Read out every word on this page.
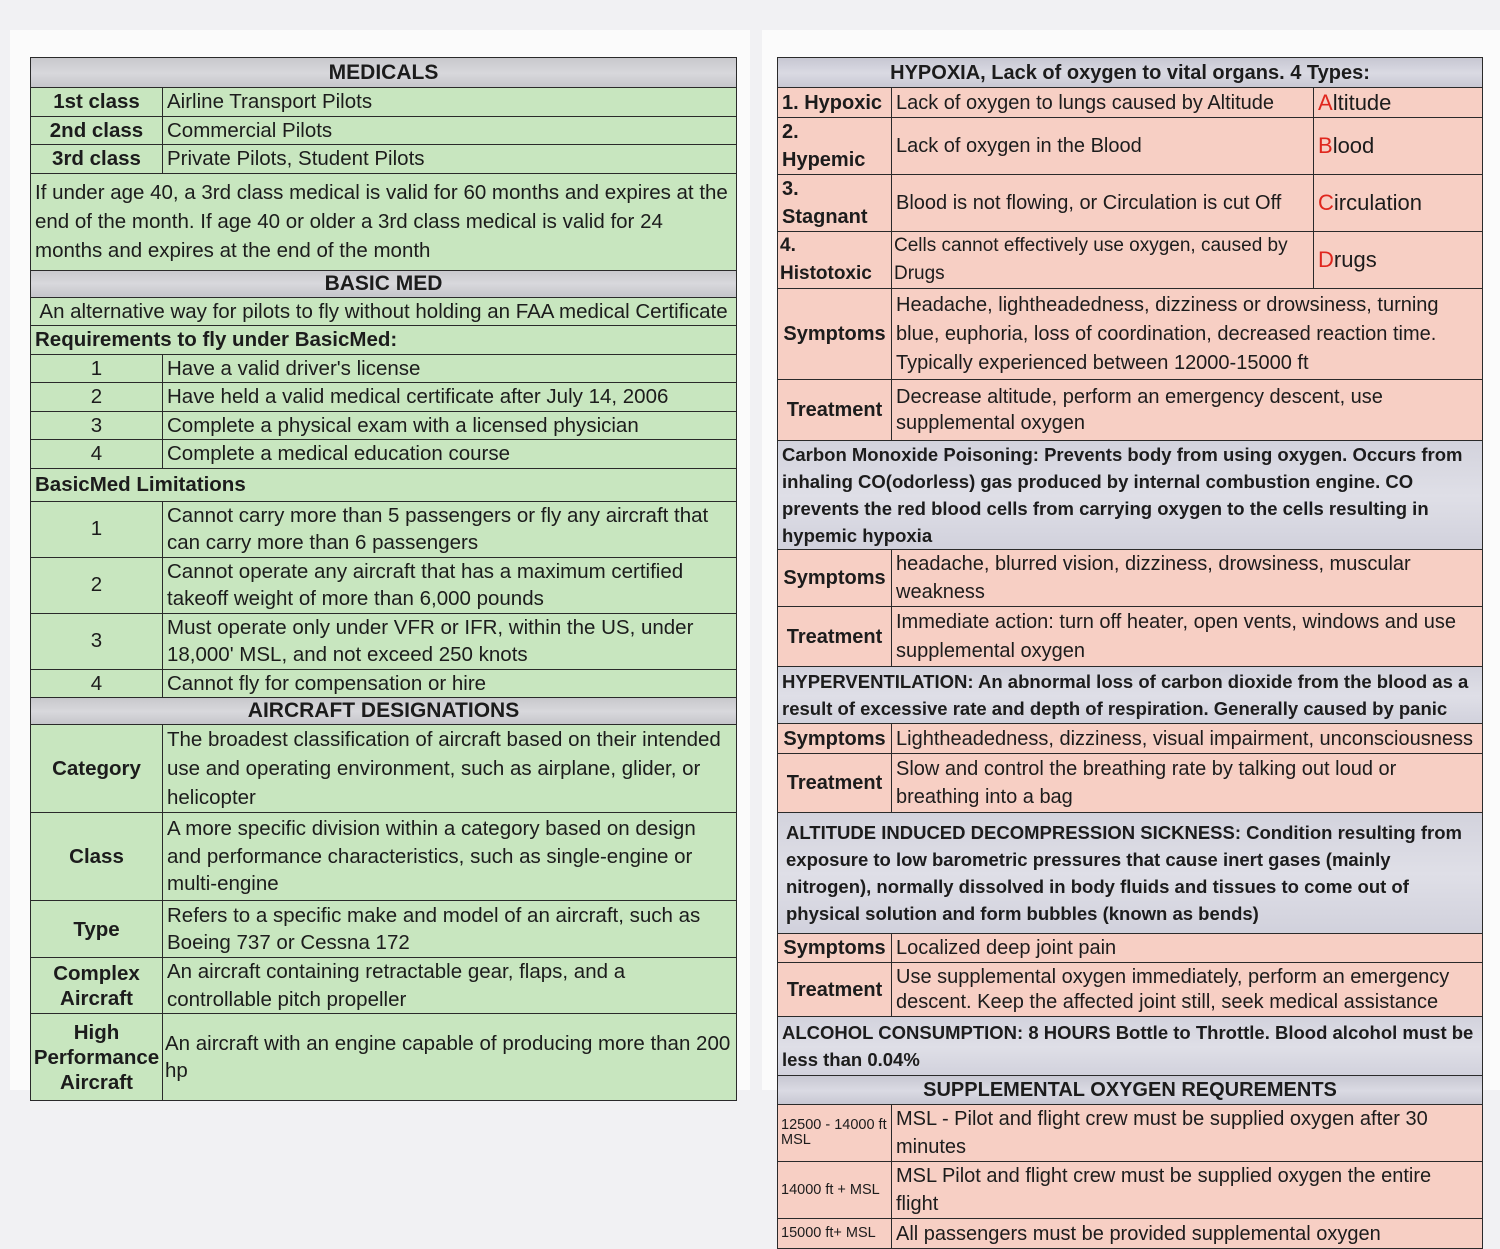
MEDICALS	
1st class	Airline Transport Pilots
2nd class	Commercial Pilots
3rd class	Private Pilots, Student Pilots
If under age 40, a 3rd class medical is valid for 60 months and expires at the end of the month. If age 40 or older a 3rd class medical is valid for 24 months and expires at the end of the month	
BASIC MED	
An alternative way for pilots to fly without holding an FAA medical Certificate	
Requirements to fly under BasicMed:	
1	Have a valid driver's license
2	Have held a valid medical certificate after July 14, 2006
3	Complete a physical exam with a licensed physician
4	Complete a medical education course
BasicMed Limitations	
1	Cannot carry more than 5 passengers or fly any aircraft that can carry more than 6 passengers
2	Cannot operate any aircraft that has a maximum certified takeoff weight of more than 6,000 pounds
3	Must operate only under VFR or IFR, within the US, under 18,000' MSL, and not exceed 250 knots
4	Cannot fly for compensation or hire
AIRCRAFT DESIGNATIONS	
Category	The broadest classification of aircraft based on their intended use and operating environment, such as airplane, glider, or helicopter
Class	A more specific division within a category based on design and performance characteristics, such as single-engine or multi-engine
Type	Refers to a specific make and model of an aircraft, such as Boeing 737 or Cessna 172
Complex Aircraft	An aircraft containing retractable gear, flaps, and a controllable pitch propeller
High Performance Aircraft	An aircraft with an engine capable of producing more than 200 hp
HYPOXIA, Lack of oxygen to vital organs. 4 Types:		
1. Hypoxic	Lack of oxygen to lungs caused by Altitude	Altitude
2. Hypemic	Lack of oxygen in the Blood	Blood
3. Stagnant	Blood is not flowing, or Circulation is cut Off	Circulation
4. Histotoxic	Cells cannot effectively use oxygen, caused by Drugs	Drugs
Symptoms	Headache, lightheadedness, dizziness or drowsiness, turning blue, euphoria, loss of coordination, decreased reaction time. Typically experienced between 12000-15000 ft	
Treatment	Decrease altitude, perform an emergency descent, use supplemental oxygen	
Carbon Monoxide Poisoning: Prevents body from using oxygen. Occurs from inhaling CO(odorless) gas produced by internal combustion engine. CO prevents the red blood cells from carrying oxygen to the cells resulting in hypemic hypoxia		
Symptoms	headache, blurred vision, dizziness, drowsiness, muscular weakness	
Treatment	Immediate action: turn off heater, open vents, windows and use supplemental oxygen	
HYPERVENTILATION: An abnormal loss of carbon dioxide from the blood as a result of excessive rate and depth of respiration. Generally caused by panic		
Symptoms	Lightheadedness, dizziness, visual impairment, unconsciousness	
Treatment	Slow and control the breathing rate by talking out loud or breathing into a bag	
ALTITUDE INDUCED DECOMPRESSION SICKNESS: Condition resulting from exposure to low barometric pressures that cause inert gases (mainly nitrogen), normally dissolved in body fluids and tissues to come out of physical solution and form bubbles (known as bends)		
Symptoms	Localized deep joint pain	
Treatment	Use supplemental oxygen immediately, perform an emergency descent. Keep the affected joint still, seek medical assistance	
ALCOHOL CONSUMPTION: 8 HOURS Bottle to Throttle. Blood alcohol must be less than 0.04%		
SUPPLEMENTAL OXYGEN REQUREMENTS		
12500 - 14000 ft MSL	MSL - Pilot and flight crew must be supplied oxygen after 30 minutes	
14000 ft + MSL	MSL Pilot and flight crew must be supplied oxygen the entire flight	
15000 ft+ MSL	All passengers must be provided supplemental oxygen	
